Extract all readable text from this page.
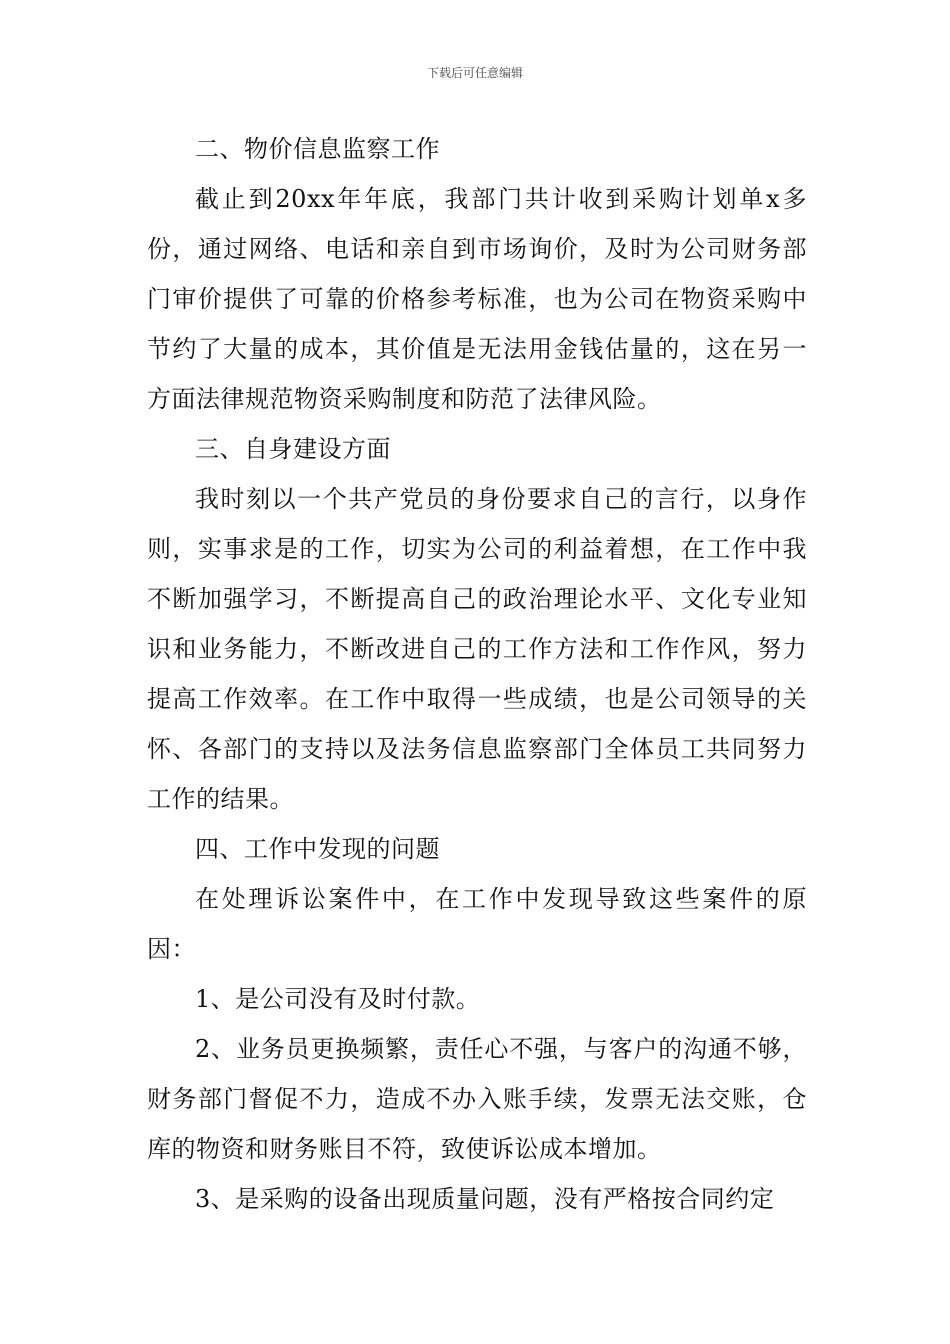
下载后可任意编辑

二、物价信息监察工作

截止到20xx年年底，我部门共计收到采购计划单x多份，通过网络、电话和亲自到市场询价，及时为公司财务部门审价提供了可靠的价格参考标准，也为公司在物资采购中节约了大量的成本，其价值是无法用金钱估量的，这在另一方面法律规范物资采购制度和防范了法律风险。

三、自身建设方面

我时刻以一个共产党员的身份要求自己的言行，以身作则，实事求是的工作，切实为公司的利益着想，在工作中我不断加强学习，不断提高自己的政治理论水平、文化专业知识和业务能力，不断改进自己的工作方法和工作作风，努力提高工作效率。在工作中取得一些成绩，也是公司领导的关怀、各部门的支持以及法务信息监察部门全体员工共同努力工作的结果。

四、工作中发现的问题

在处理诉讼案件中，在工作中发现导致这些案件的原因：

1、是公司没有及时付款。

2、业务员更换频繁，责任心不强，与客户的沟通不够，财务部门督促不力，造成不办入账手续，发票无法交账，仓库的物资和财务账目不符，致使诉讼成本增加。

3、是采购的设备出现质量问题，没有严格按合同约定
